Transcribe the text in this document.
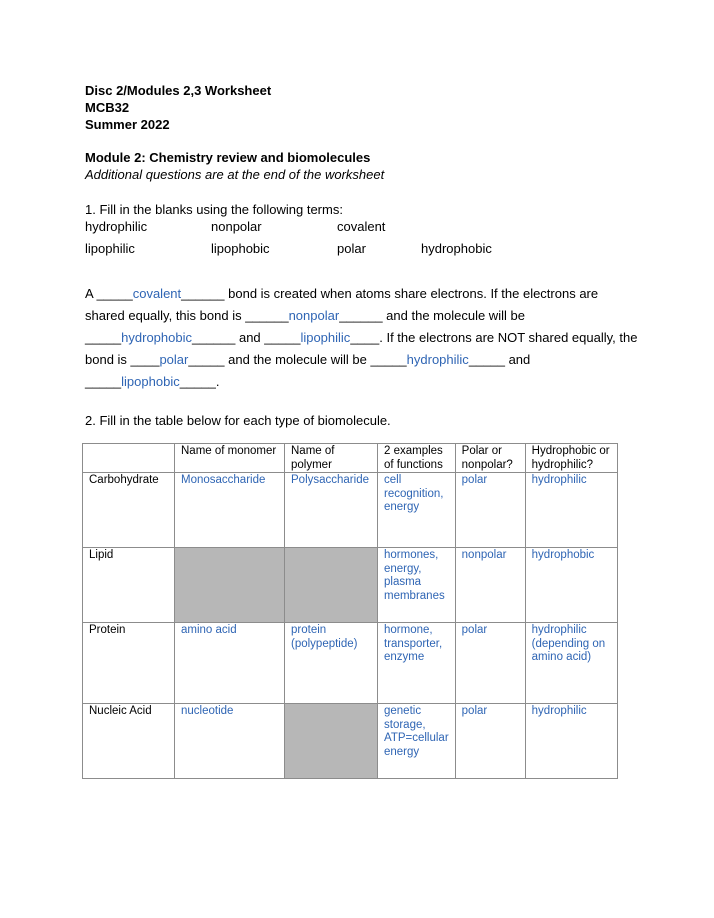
Disc 2/Modules 2,3 Worksheet
MCB32
Summer 2022
Module 2: Chemistry review and biomolecules
Additional questions are at the end of the worksheet
1. Fill in the blanks using the following terms:
hydrophilic	nonpolar	covalent
lipophilic	lipophobic	polar	hydrophobic
A _____covalent______ bond is created when atoms share electrons. If the electrons are
shared equally, this bond is ______nonpolar______ and the molecule will be
_____hydrophobic______ and _____lipophilic____. If the electrons are NOT shared equally, the
bond is ____polar_____ and the molecule will be _____hydrophilic_____ and
_____lipophobic_____.
2. Fill in the table below for each type of biomolecule.
	Name of monomer	Name of polymer	2 examples of functions	Polar or nonpolar?	Hydrophobic or hydrophilic?
Carbohydrate	Monosaccharide	Polysaccharide	cell recognition, energy	polar	hydrophilic
Lipid			hormones, energy, plasma membranes	nonpolar	hydrophobic
Protein	amino acid	protein (polypeptide)	hormone, transporter, enzyme	polar	hydrophilic (depending on amino acid)
Nucleic Acid	nucleotide		genetic storage, ATP=cellular energy	polar	hydrophilic
